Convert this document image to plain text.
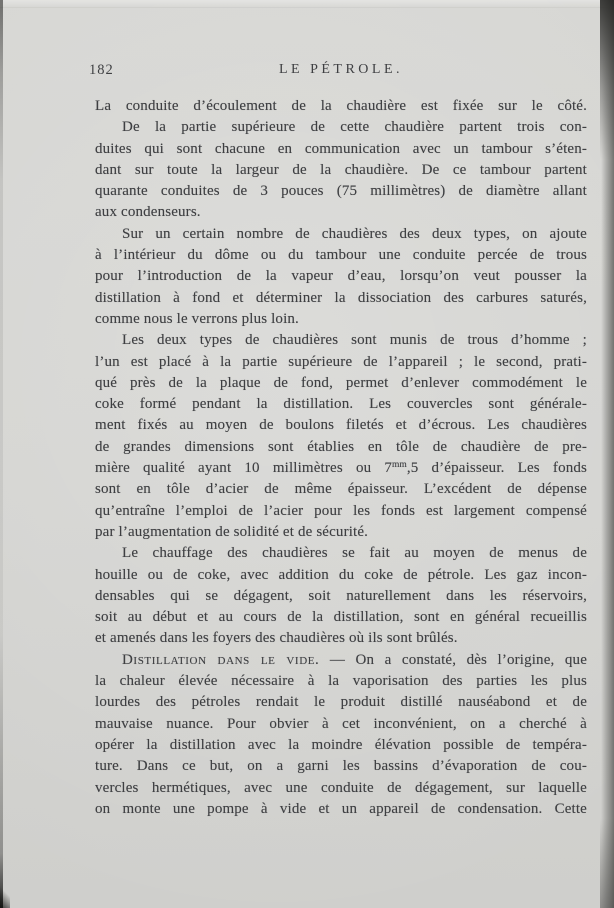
182	LE PÉTROLE.
La conduite d’écoulement de la chaudière est fixée sur le côté.
De la partie supérieure de cette chaudière partent trois con-
duites qui sont chacune en communication avec un tambour s’éten-
dant sur toute la largeur de la chaudière. De ce tambour partent
quarante conduites de 3 pouces (75 millimètres) de diamètre allant
aux condenseurs.
Sur un certain nombre de chaudières des deux types, on ajoute
à l’intérieur du dôme ou du tambour une conduite percée de trous
pour l’introduction de la vapeur d’eau, lorsqu’on veut pousser la
distillation à fond et déterminer la dissociation des carbures saturés,
comme nous le verrons plus loin.
Les deux types de chaudières sont munis de trous d’homme ;
l’un est placé à la partie supérieure de l’appareil ; le second, prati-
qué près de la plaque de fond, permet d’enlever commodément le
coke formé pendant la distillation. Les couvercles sont générale-
ment fixés au moyen de boulons filetés et d’écrous. Les chaudières
de grandes dimensions sont établies en tôle de chaudière de pre-
mière qualité ayant 10 millimètres ou $7^{mm},5$ d’épaisseur. Les fonds
sont en tôle d’acier de même épaisseur. L’excédent de dépense
qu’entraîne l’emploi de l’acier pour les fonds est largement compensé
par l’augmentation de solidité et de sécurité.
Le chauffage des chaudières se fait au moyen de menus de
houille ou de coke, avec addition du coke de pétrole. Les gaz incon-
densables qui se dégagent, soit naturellement dans les réservoirs,
soit au début et au cours de la distillation, sont en général recueillis
et amenés dans les foyers des chaudières où ils sont brûlés.
Distillation dans le vide. — On a constaté, dès l’origine, que
la chaleur élevée nécessaire à la vaporisation des parties les plus
lourdes des pétroles rendait le produit distillé nauséabond et de
mauvaise nuance. Pour obvier à cet inconvénient, on a cherché à
opérer la distillation avec la moindre élévation possible de tempéra-
ture. Dans ce but, on a garni les bassins d’évaporation de cou-
vercles hermétiques, avec une conduite de dégagement, sur laquelle
on monte une pompe à vide et un appareil de condensation. Cette
